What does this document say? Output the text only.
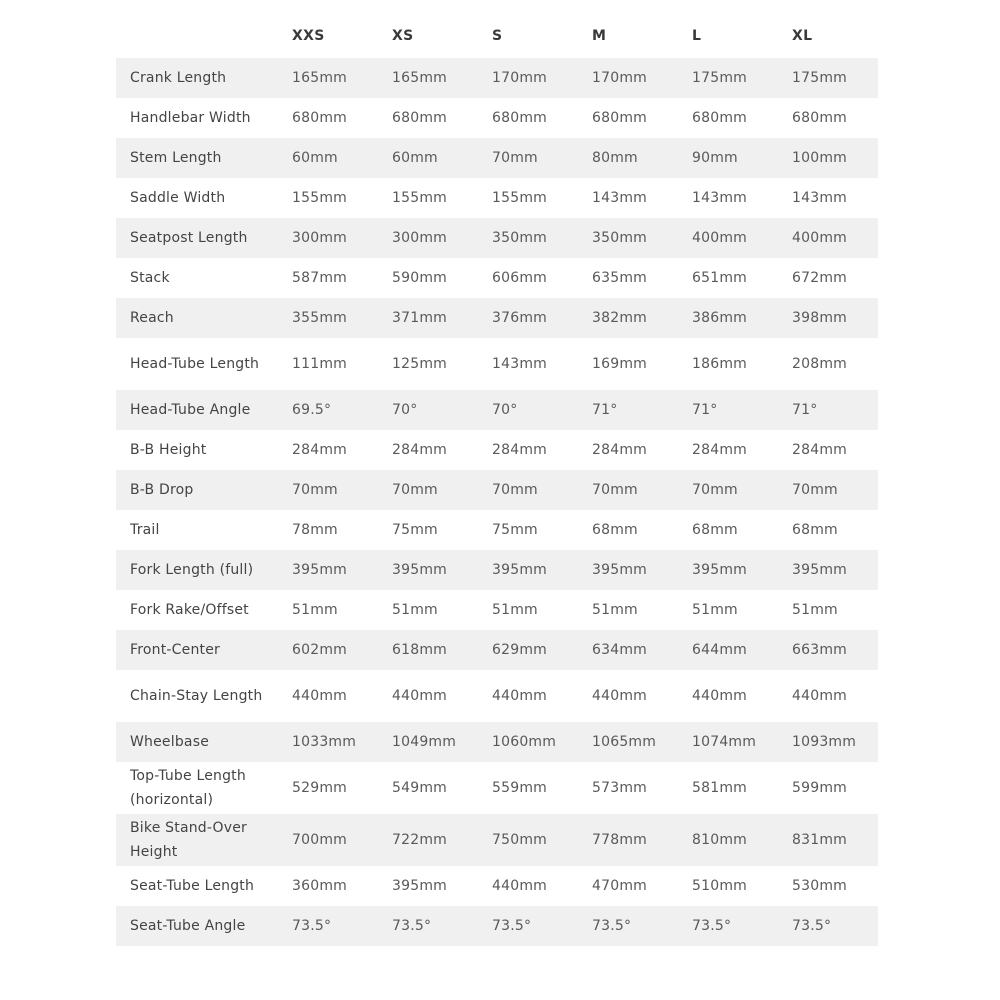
	XXS	XS	S	M	L	XL
Crank Length	165mm	165mm	170mm	170mm	175mm	175mm
Handlebar Width	680mm	680mm	680mm	680mm	680mm	680mm
Stem Length	60mm	60mm	70mm	80mm	90mm	100mm
Saddle Width	155mm	155mm	155mm	143mm	143mm	143mm
Seatpost Length	300mm	300mm	350mm	350mm	400mm	400mm
Stack	587mm	590mm	606mm	635mm	651mm	672mm
Reach	355mm	371mm	376mm	382mm	386mm	398mm
Head-Tube Length	111mm	125mm	143mm	169mm	186mm	208mm
Head-Tube Angle	69.5°	70°	70°	71°	71°	71°
B-B Height	284mm	284mm	284mm	284mm	284mm	284mm
B-B Drop	70mm	70mm	70mm	70mm	70mm	70mm
Trail	78mm	75mm	75mm	68mm	68mm	68mm
Fork Length (full)	395mm	395mm	395mm	395mm	395mm	395mm
Fork Rake/Offset	51mm	51mm	51mm	51mm	51mm	51mm
Front-Center	602mm	618mm	629mm	634mm	644mm	663mm
Chain-Stay Length	440mm	440mm	440mm	440mm	440mm	440mm
Wheelbase	1033mm	1049mm	1060mm	1065mm	1074mm	1093mm
Top-Tube Length (horizontal)	529mm	549mm	559mm	573mm	581mm	599mm
Bike Stand-Over Height	700mm	722mm	750mm	778mm	810mm	831mm
Seat-Tube Length	360mm	395mm	440mm	470mm	510mm	530mm
Seat-Tube Angle	73.5°	73.5°	73.5°	73.5°	73.5°	73.5°
